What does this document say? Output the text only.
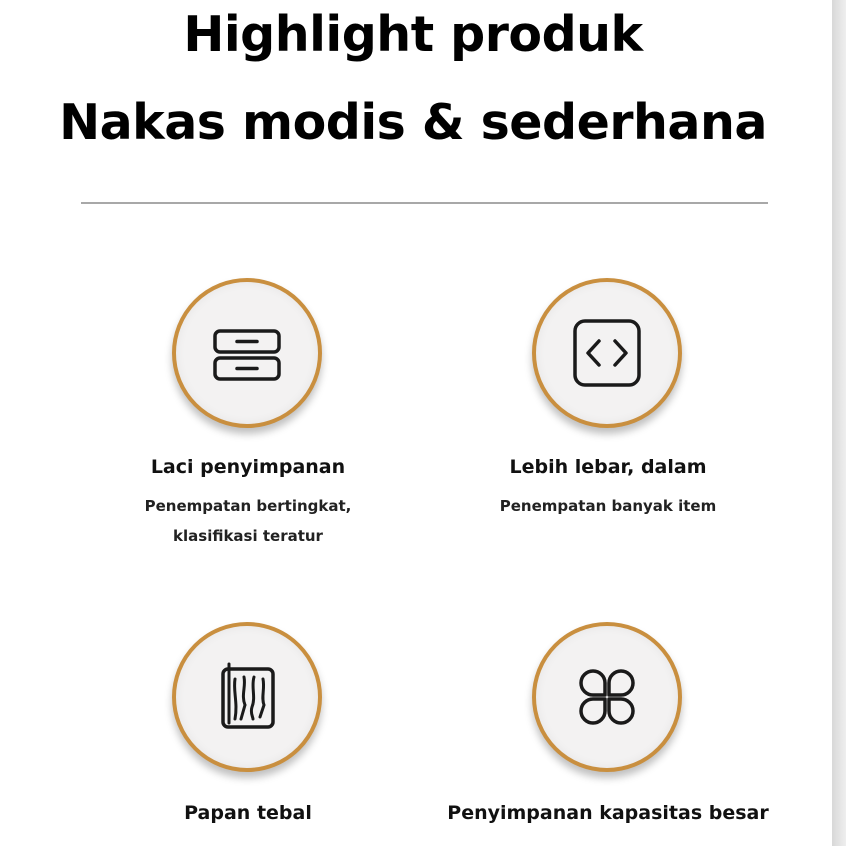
Highlight produk
Nakas modis & sederhana
Laci penyimpanan
Penempatan bertingkat,
klasifikasi teratur
Lebih lebar, dalam
Penempatan banyak item
Papan tebal	Penyimpanan kapasitas besar
